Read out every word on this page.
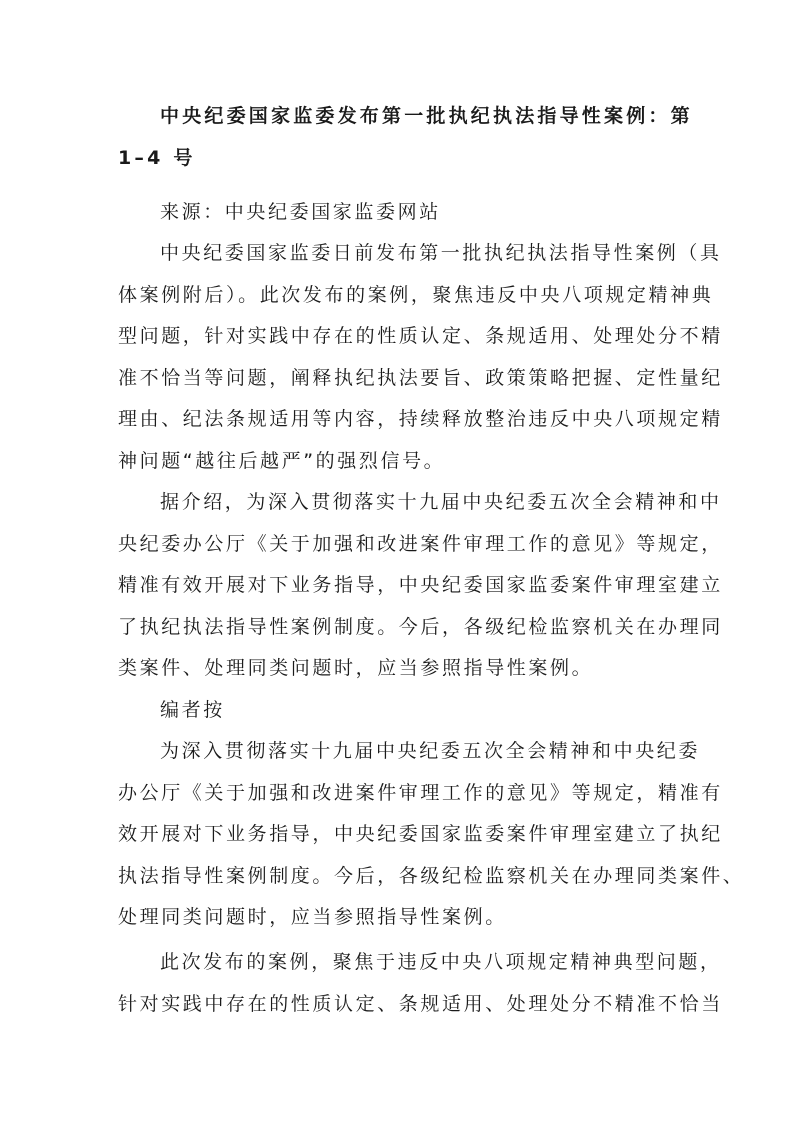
中央纪委国家监委发布第一批执纪执法指导性案例：第
1–4 号
来源：中央纪委国家监委网站
中央纪委国家监委日前发布第一批执纪执法指导性案例（具
体案例附后）。此次发布的案例，聚焦违反中央八项规定精神典
型问题，针对实践中存在的性质认定、条规适用、处理处分不精
准不恰当等问题，阐释执纪执法要旨、政策策略把握、定性量纪
理由、纪法条规适用等内容，持续释放整治违反中央八项规定精
神问题“越往后越严”的强烈信号。
据介绍，为深入贯彻落实十九届中央纪委五次全会精神和中
央纪委办公厅《关于加强和改进案件审理工作的意见》等规定，
精准有效开展对下业务指导，中央纪委国家监委案件审理室建立
了执纪执法指导性案例制度。今后，各级纪检监察机关在办理同
类案件、处理同类问题时，应当参照指导性案例。
编者按
为深入贯彻落实十九届中央纪委五次全会精神和中央纪委
办公厅《关于加强和改进案件审理工作的意见》等规定，精准有
效开展对下业务指导，中央纪委国家监委案件审理室建立了执纪
执法指导性案例制度。今后，各级纪检监察机关在办理同类案件、
处理同类问题时，应当参照指导性案例。
此次发布的案例，聚焦于违反中央八项规定精神典型问题，
针对实践中存在的性质认定、条规适用、处理处分不精准不恰当
